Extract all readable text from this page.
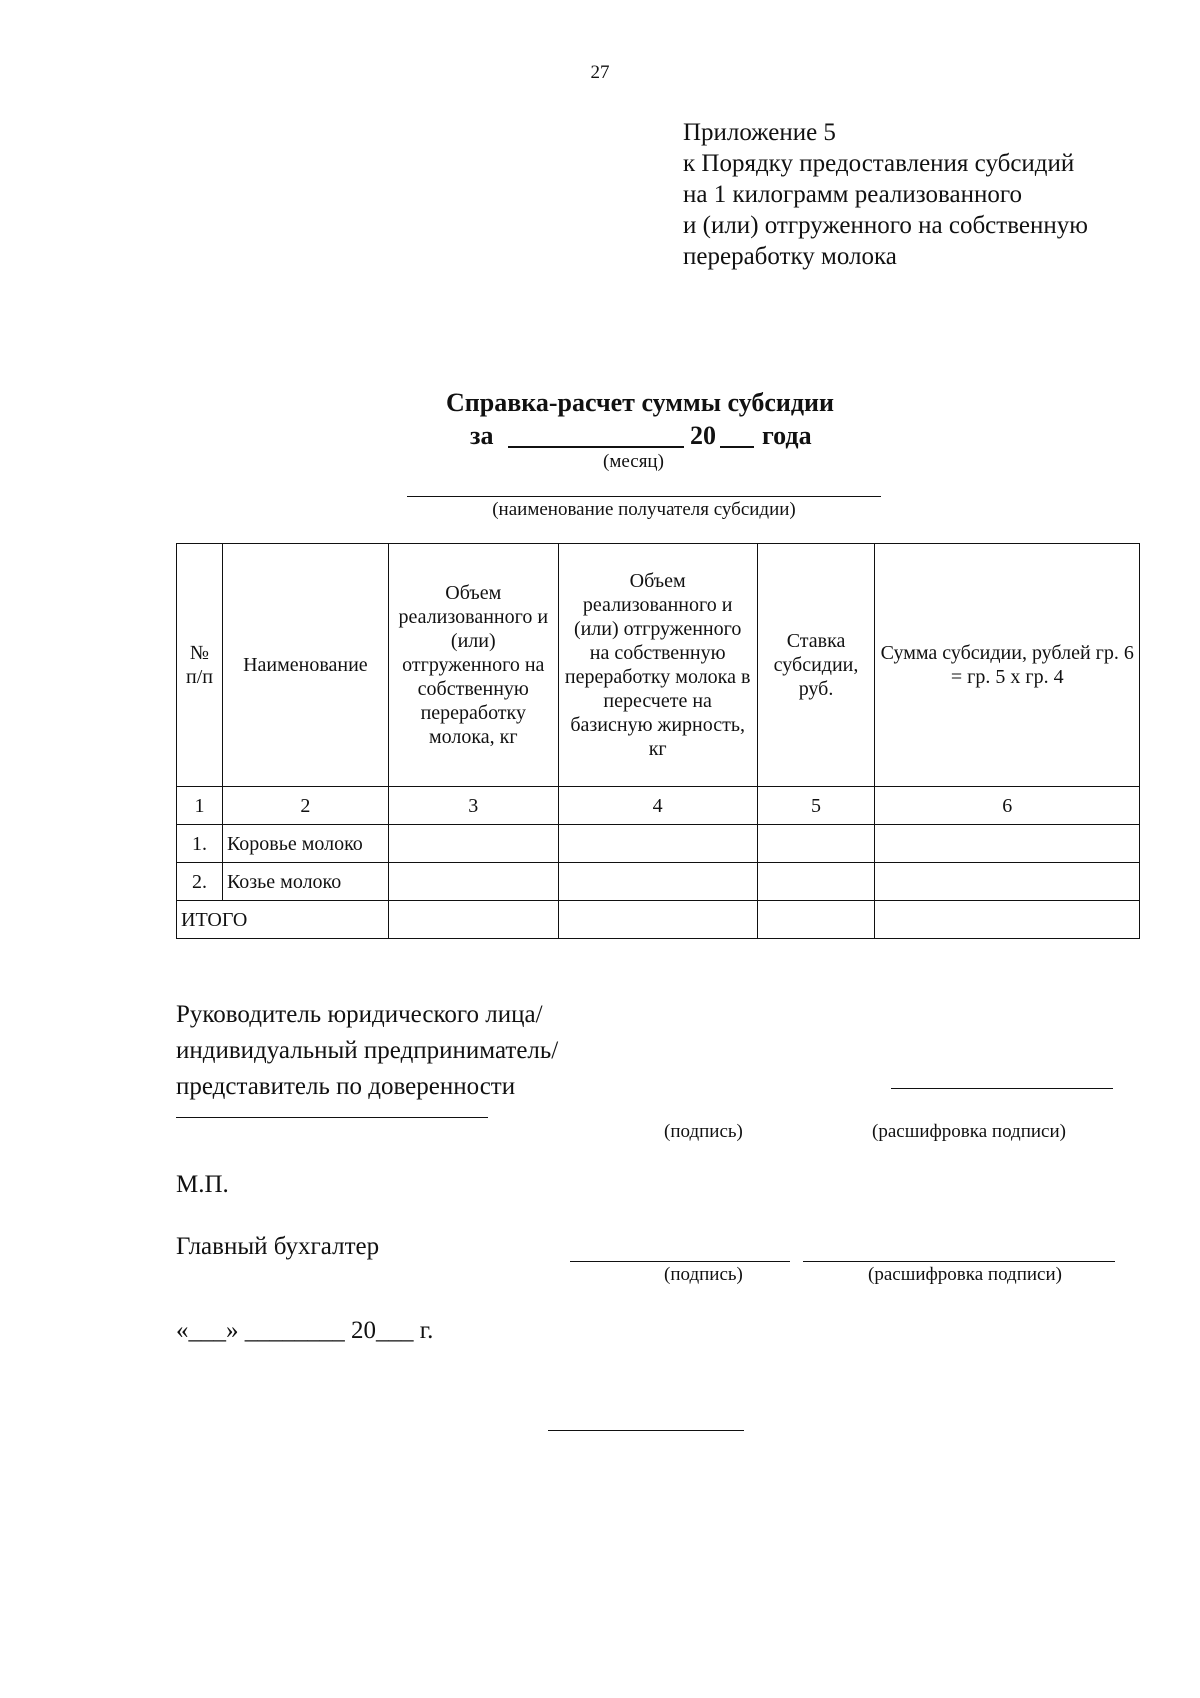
27
Приложение 5
к Порядку предоставления субсидий
на 1 килограмм реализованного
и (или) отгруженного на собственную
переработку молока
Справка-расчет суммы субсидии
за	20 года
(месяц)
(наименование получателя субсидии)
№ п/п	Наименование	Объем реализованного и (или) отгруженного на собственную переработку молока, кг	Объем реализованного и (или) отгруженного на собственную переработку молока в пересчете на базисную жирность, кг	Ставка субсидии, руб.	Сумма субсидии, рублей гр. 6 = гр. 5 х гр. 4
1	2	3	4	5	6
1.	Коровье молоко				
2.	Козье молоко				
ИТОГО					
Руководитель юридического лица/
индивидуальный предприниматель/
представитель по доверенности
(подпись)	(расшифровка подписи)
М.П.
Главный бухгалтер
(подпись)	(расшифровка подписи)
«___» ________ 20___ г.
